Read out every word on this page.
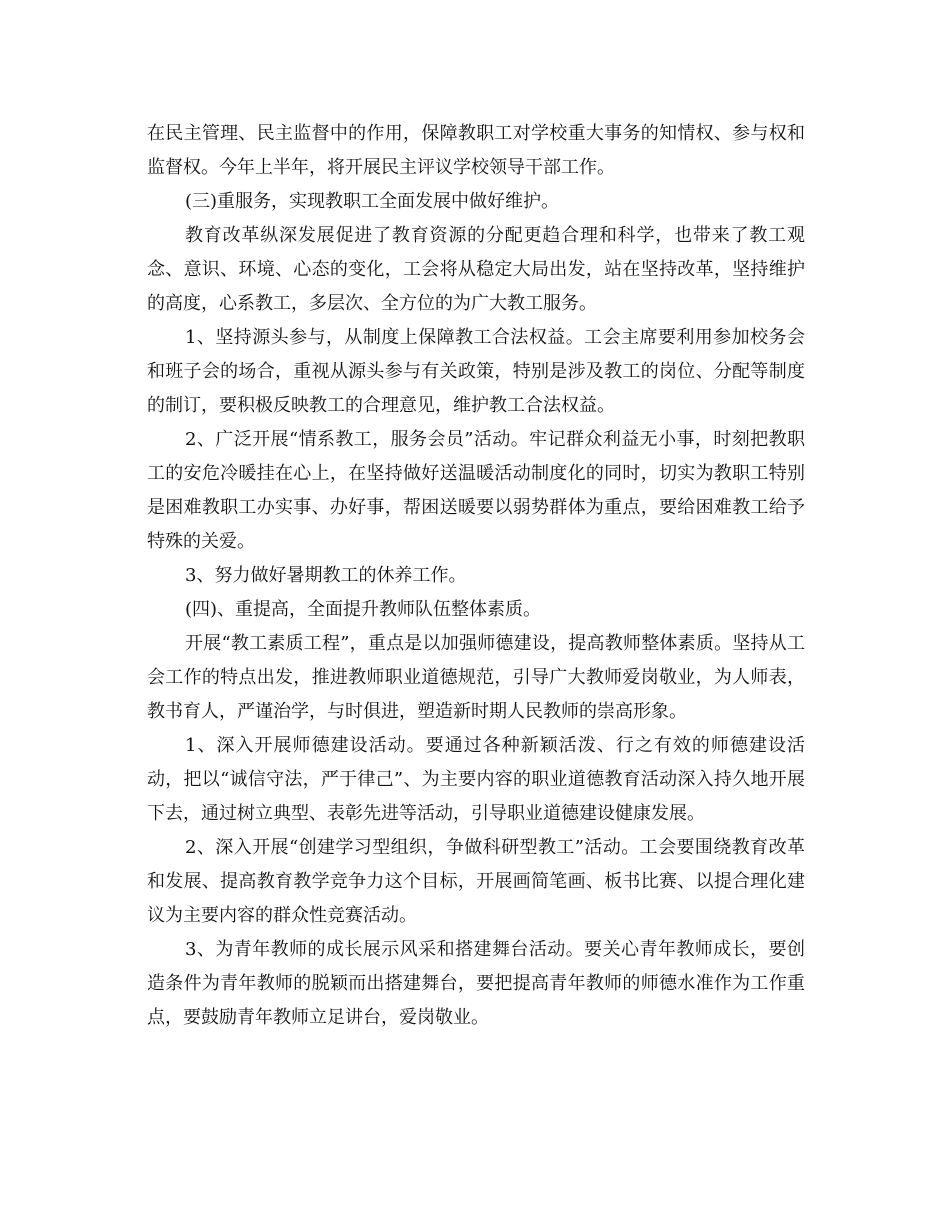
在民主管理、民主监督中的作用，保障教职工对学校重大事务的知情权、参与权和监督权。今年上半年，将开展民主评议学校领导干部工作。

(三)重服务，实现教职工全面发展中做好维护。

教育改革纵深发展促进了教育资源的分配更趋合理和科学，也带来了教工观念、意识、环境、心态的变化，工会将从稳定大局出发，站在坚持改革，坚持维护的高度，心系教工，多层次、全方位的为广大教工服务。

1、坚持源头参与，从制度上保障教工合法权益。工会主席要利用参加校务会和班子会的场合，重视从源头参与有关政策，特别是涉及教工的岗位、分配等制度的制订，要积极反映教工的合理意见，维护教工合法权益。

2、广泛开展“情系教工，服务会员”活动。牢记群众利益无小事，时刻把教职工的安危冷暖挂在心上，在坚持做好送温暖活动制度化的同时，切实为教职工特别是困难教职工办实事、办好事，帮困送暖要以弱势群体为重点，要给困难教工给予特殊的关爱。

3、努力做好暑期教工的休养工作。

(四)、重提高，全面提升教师队伍整体素质。

开展“教工素质工程”，重点是以加强师德建设，提高教师整体素质。坚持从工会工作的特点出发，推进教师职业道德规范，引导广大教师爱岗敬业，为人师表，教书育人，严谨治学，与时俱进，塑造新时期人民教师的崇高形象。

1、深入开展师德建设活动。要通过各种新颖活泼、行之有效的师德建设活动，把以“诚信守法，严于律己”、为主要内容的职业道德教育活动深入持久地开展下去，通过树立典型、表彰先进等活动，引导职业道德建设健康发展。

2、深入开展“创建学习型组织，争做科研型教工”活动。工会要围绕教育改革和发展、提高教育教学竞争力这个目标，开展画简笔画、板书比赛、以提合理化建议为主要内容的群众性竞赛活动。

3、为青年教师的成长展示风采和搭建舞台活动。要关心青年教师成长，要创造条件为青年教师的脱颖而出搭建舞台，要把提高青年教师的师德水准作为工作重点，要鼓励青年教师立足讲台，爱岗敬业。
